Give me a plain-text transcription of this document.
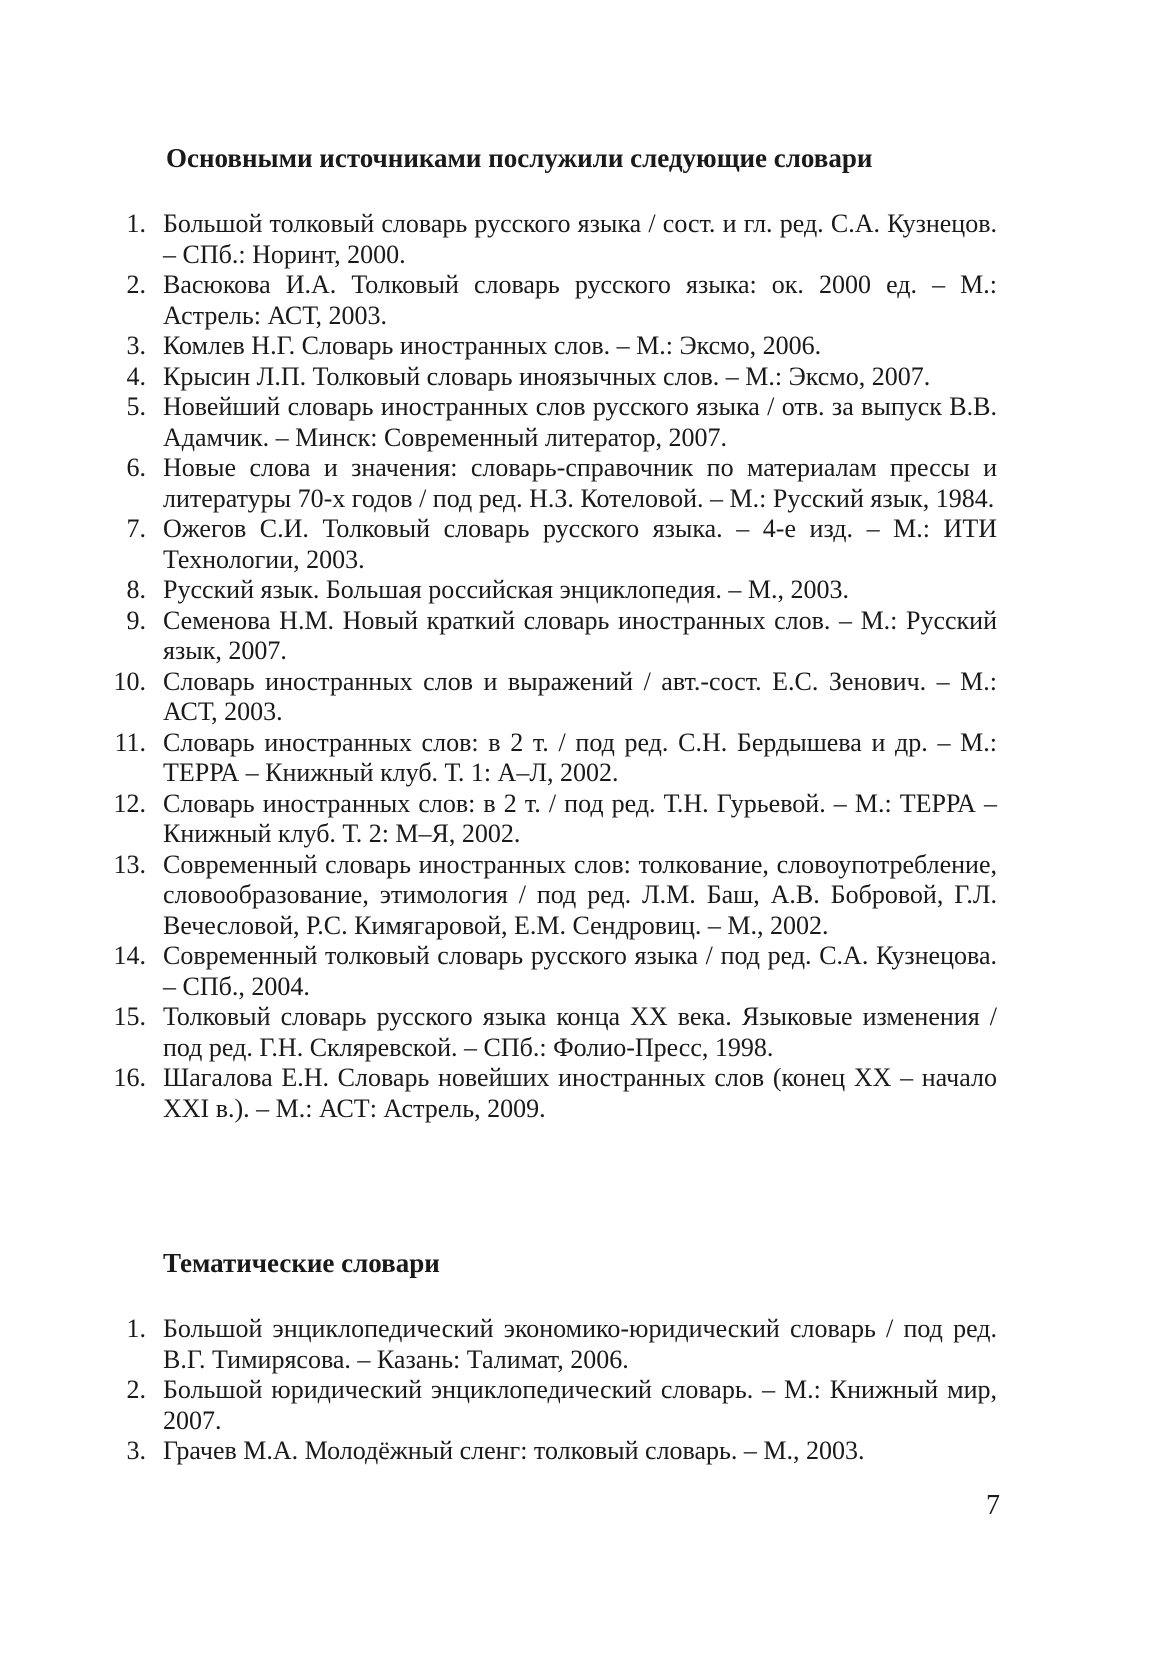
Основными источниками послужили следующие словари
1. Большой толковый словарь русского языка / сост. и гл. ред. С.А. Кузнецов. – СПб.: Норинт, 2000.
2. Васюкова И.А. Толковый словарь русского языка: ок. 2000 ед. – М.: Астрель: АСТ, 2003.
3. Комлев Н.Г. Словарь иностранных слов. – М.: Эксмо, 2006.
4. Крысин Л.П. Толковый словарь иноязычных слов. – М.: Эксмо, 2007.
5. Новейший словарь иностранных слов русского языка / отв. за выпуск В.В. Адамчик. – Минск: Современный литератор, 2007.
6. Новые слова и значения: словарь-справочник по материалам прессы и литературы 70-х годов / под ред. Н.З. Котеловой. – М.: Русский язык, 1984.
7. Ожегов С.И. Толковый словарь русского языка. – 4-е изд. – М.: ИТИ Технологии, 2003.
8. Русский язык. Большая российская энциклопедия. – М., 2003.
9. Семенова Н.М. Новый краткий словарь иностранных слов. – М.: Русский язык, 2007.
10. Словарь иностранных слов и выражений / авт.-сост. Е.С. Зенович. – М.: АСТ, 2003.
11. Словарь иностранных слов: в 2 т. / под ред. С.Н. Бердышева и др. – М.: ТЕРРА – Книжный клуб. Т. 1: А–Л, 2002.
12. Словарь иностранных слов: в 2 т. / под ред. Т.Н. Гурьевой. – М.: ТЕРРА – Книжный клуб. Т. 2: М–Я, 2002.
13. Современный словарь иностранных слов: толкование, словоупотребление, словообразование, этимология / под ред. Л.М. Баш, А.В. Бобровой, Г.Л. Вечесловой, Р.С. Кимягаровой, Е.М. Сендровиц. – М., 2002.
14. Современный толковый словарь русского языка / под ред. С.А. Кузнецова. – СПб., 2004.
15. Толковый словарь русского языка конца XX века. Языковые изменения / под ред. Г.Н. Скляревской. – СПб.: Фолио-Пресс, 1998.
16. Шагалова Е.Н. Словарь новейших иностранных слов (конец XX – начало XXI в.). – М.: АСТ: Астрель, 2009.
Тематические словари
1. Большой энциклопедический экономико-юридический словарь / под ред. В.Г. Тимирясова. – Казань: Талимат, 2006.
2. Большой юридический энциклопедический словарь. – М.: Книжный мир, 2007.
3. Грачев М.А. Молодёжный сленг: толковый словарь. – М., 2003.
7
